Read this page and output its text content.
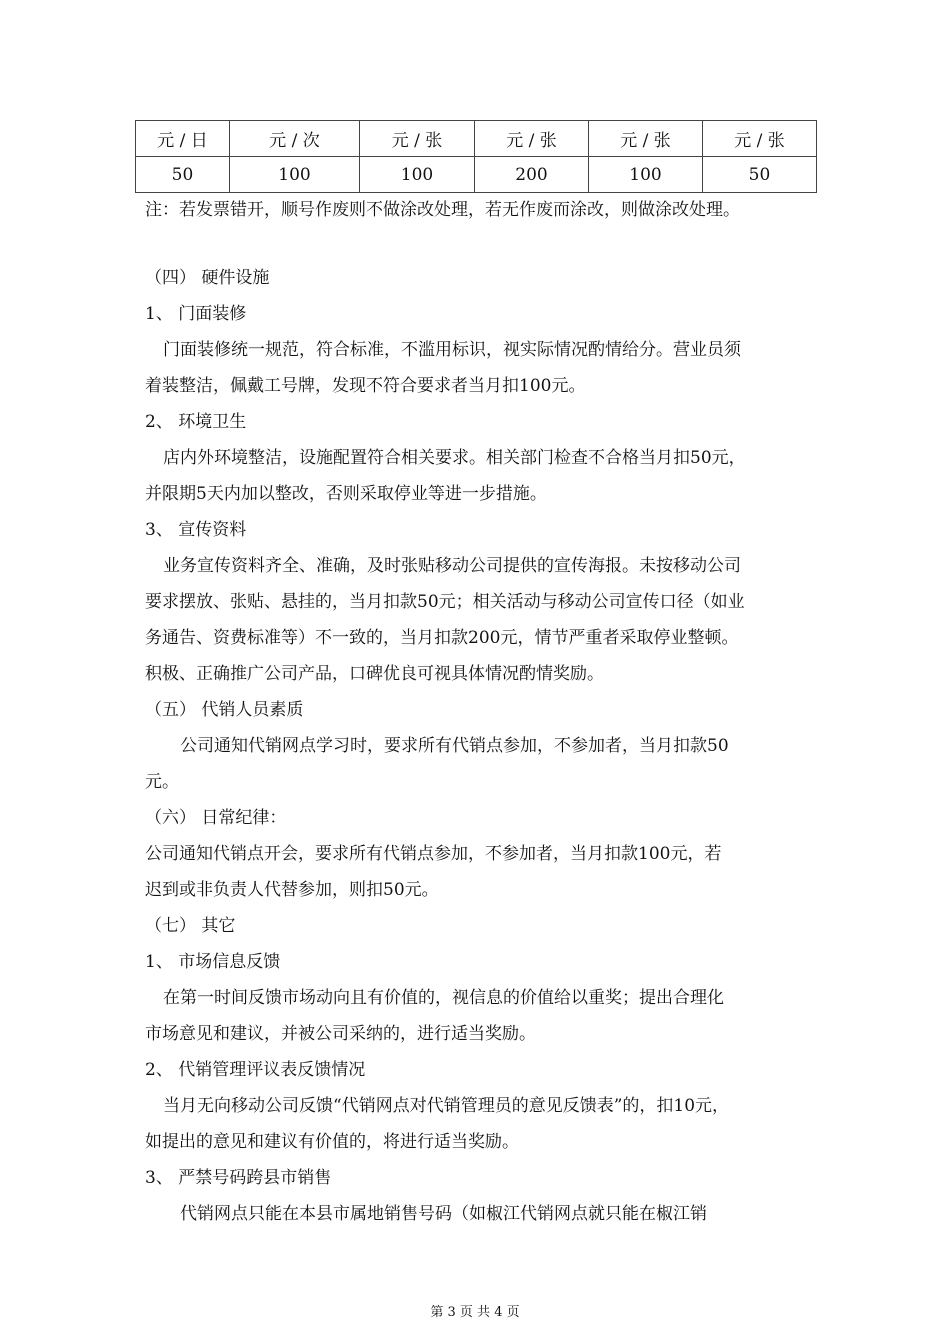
元 / 日	元 / 次	元 / 张	元 / 张	元 / 张	元 / 张
50	100	100	200	100	50
注：若发票错开，顺号作废则不做涂改处理，若无作废而涂改，则做涂改处理。
（四） 硬件设施
1、 门面装修
门面装修统一规范，符合标准，不滥用标识，视实际情况酌情给分。营业员须
着装整洁，佩戴工号牌，发现不符合要求者当月扣100元。
2、 环境卫生
店内外环境整洁，设施配置符合相关要求。相关部门检查不合格当月扣50元，
并限期5天内加以整改，否则采取停业等进一步措施。
3、 宣传资料
业务宣传资料齐全、准确，及时张贴移动公司提供的宣传海报。未按移动公司
要求摆放、张贴、悬挂的，当月扣款50元；相关活动与移动公司宣传口径（如业
务通告、资费标准等）不一致的，当月扣款200元，情节严重者采取停业整顿。
积极、正确推广公司产品，口碑优良可视具体情况酌情奖励。
（五） 代销人员素质
公司通知代销网点学习时，要求所有代销点参加，不参加者，当月扣款50
元。
（六） 日常纪律：
公司通知代销点开会，要求所有代销点参加，不参加者，当月扣款100元，若
迟到或非负责人代替参加，则扣50元。
（七） 其它
1、 市场信息反馈
在第一时间反馈市场动向且有价值的，视信息的价值给以重奖；提出合理化
市场意见和建议，并被公司采纳的，进行适当奖励。
2、 代销管理评议表反馈情况
当月无向移动公司反馈“代销网点对代销管理员的意见反馈表”的，扣10元，
如提出的意见和建议有价值的，将进行适当奖励。
3、 严禁号码跨县市销售
代销网点只能在本县市属地销售号码（如椒江代销网点就只能在椒江销
第 3 页 共 4 页
